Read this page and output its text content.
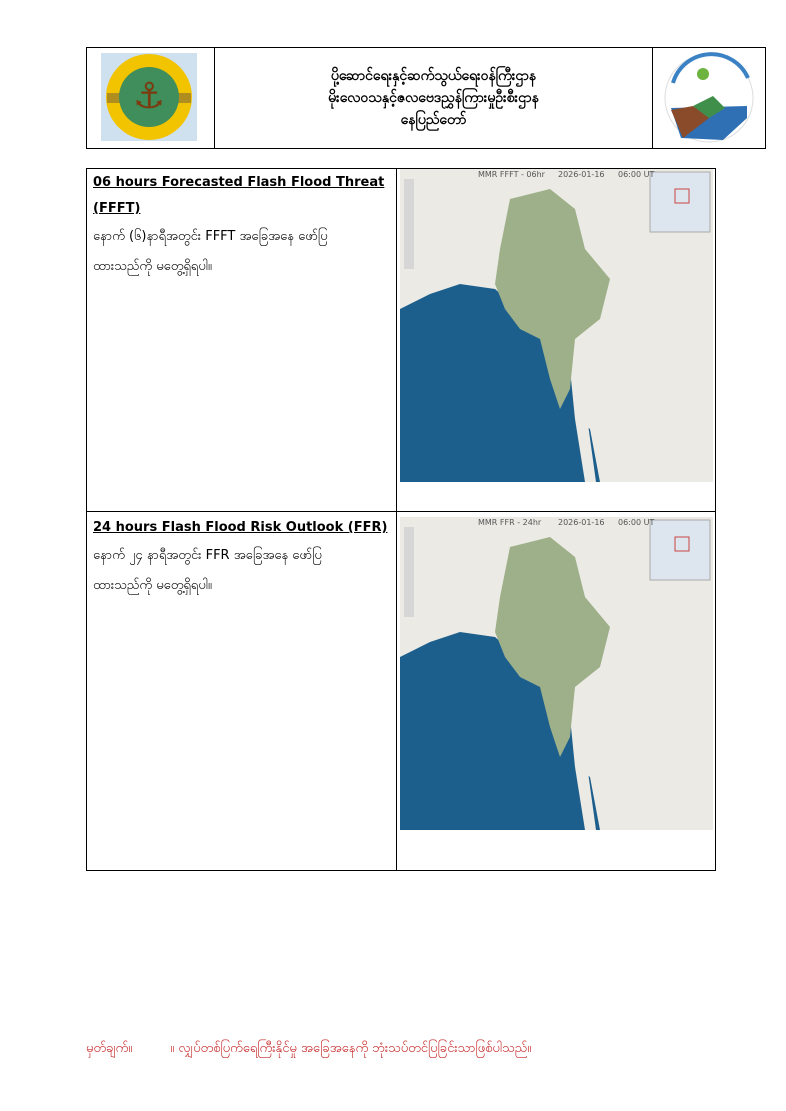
⚓	ပို့ဆောင်ရေးနှင့်ဆက်သွယ်ရေးဝန်ကြီးဌာန
မိုးလေဝသနှင့်ဇလဗေဒညွှန်ကြားမှုဦးစီးဌာန
နေပြည်တော်
06 hours Forecasted Flash Flood Threat
(FFFT)
နောက် (၆)နာရီအတွင်း FFFT အခြေအနေ ဖော်ပြ
ထားသည်ကို မတွေ့ရှိရပါ။
MMR FFFT - 06hr 2026-01-16 06:00 UT
24 hours Flash Flood Risk Outlook (FFR)
နောက် ၂၄ နာရီအတွင်း FFR အခြေအနေ ဖော်ပြ
ထားသည်ကို မတွေ့ရှိရပါ။
MMR FFR - 24hr 2026-01-16 06:00 UT
မှတ်ချက်။	။ လျှပ်တစ်ပြက်ရေကြီးနိုင်မှု အခြေအနေကို ဘုံးသပ်တင်ပြခြင်းသာဖြစ်ပါသည်။
